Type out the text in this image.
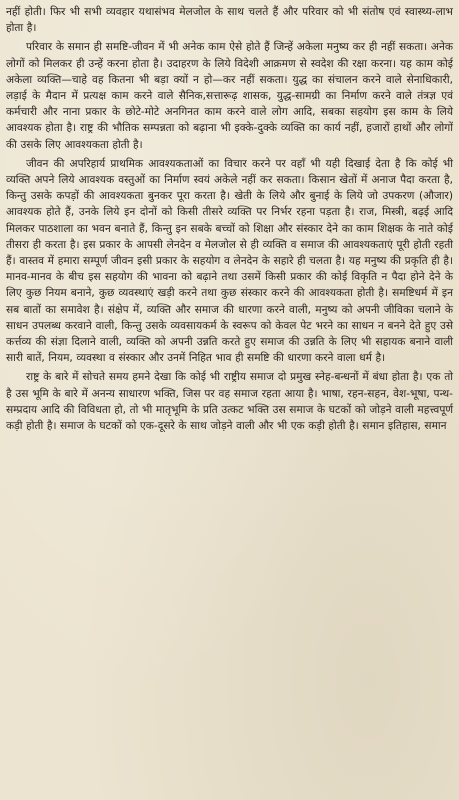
नहीं होती। फिर भी सभी व्यवहार यथासंभव मेलजोल के साथ चलते हैं और परिवार को भी संतोष एवं स्वास्थ्य-लाभ होता है।

परिवार के समान ही समष्टि-जीवन में भी अनेक काम ऐसे होते हैं जिन्हें अकेला मनुष्य कर ही नहीं सकता। अनेक लोगों को मिलकर ही उन्हें करना होता है। उदाहरण के लिये विदेशी आक्रमण से स्वदेश की रक्षा करना। यह काम कोई अकेला व्यक्ति—चाहे वह कितना भी बड़ा क्यों न हो—कर नहीं सकता। युद्ध का संचालन करने वाले सेनाधिकारी, लड़ाई के मैदान में प्रत्यक्ष काम करने वाले सैनिक,सत्तारूढ़ शासक, युद्ध-सामग्री का निर्माण करने वाले तंत्रज्ञ एवं कर्मचारी और नाना प्रकार के छोटे-मोटे अनगिनत काम करने वाले लोग आदि, सबका सहयोग इस काम के लिये आवश्यक होता है। राष्ट्र की भौतिक सम्पन्नता को बढ़ाना भी इक्के-दुक्के व्यक्ति का कार्य नहीं, हजारों हाथों और लोगों की उसके लिए आवश्यकता होती है।

जीवन की अपरिहार्य प्राथमिक आवश्यकताओं का विचार करने पर वहाँ भी यही दिखाई देता है कि कोई भी व्यक्ति अपने लिये आवश्यक वस्तुओं का निर्माण स्वयं अकेले नहीं कर सकता। किसान खेतों में अनाज पैदा करता है, किन्तु उसके कपड़ों की आवश्यकता बुनकर पूरा करता है। खेती के लिये और बुनाई के लिये जो उपकरण (औजार) आवश्यक होते हैं, उनके लिये इन दोनों को किसी तीसरे व्यक्ति पर निर्भर रहना पड़ता है। राज, मिस्त्री, बढ़ई आदि मिलकर पाठशाला का भवन बनाते हैं, किन्तु इन सबके बच्चों को शिक्षा और संस्कार देने का काम शिक्षक के नाते कोई तीसरा ही करता है। इस प्रकार के आपसी लेनदेन व मेलजोल से ही व्यक्ति व समाज की आवश्यकताएं पूरी होती रहती हैं। वास्तव में हमारा सम्पूर्ण जीवन इसी प्रकार के सहयोग व लेनदेन के सहारे ही चलता है। यह मनुष्य की प्रकृति ही है। मानव-मानव के बीच इस सहयोग की भावना को बढ़ाने तथा उसमें किसी प्रकार की कोई विकृति न पैदा होने देने के लिए कुछ नियम बनाने, कुछ व्यवस्थाएं खड़ी करने तथा कुछ संस्कार करने की आवश्यकता होती है। समष्टिधर्म में इन सब बातों का समावेश है। संक्षेप में, व्यक्ति और समाज की धारणा करने वाली, मनुष्य को अपनी जीविका चलाने के साधन उपलब्ध करवाने वाली, किन्तु उसके व्यवसायकर्म के स्वरूप को केवल पेट भरने का साधन न बनने देते हुए उसे कर्त्तव्य की संज्ञा दिलाने वाली, व्यक्ति को अपनी उन्नति करते हुए समाज की उन्नति के लिए भी सहायक बनाने वाली सारी बातें, नियम, व्यवस्था व संस्कार और उनमें निहित भाव ही समष्टि की धारणा करने वाला धर्म है।

राष्ट्र के बारे में सोचते समय हमने देखा कि कोई भी राष्ट्रीय समाज दो प्रमुख स्नेह-बन्धनों में बंधा होता है। एक तो है उस भूमि के बारे में अनन्य साधारण भक्ति, जिस पर वह समाज रहता आया है। भाषा, रहन-सहन, वेश-भूषा, पन्थ-सम्प्रदाय आदि की विविधता हो, तो भी मातृभूमि के प्रति उत्कट भक्ति उस समाज के घटकों को जोड़ने वाली महत्त्वपूर्ण कड़ी होती है। समाज के घटकों को एक-दूसरे के साथ जोड़ने वाली और भी एक कड़ी होती है। समान इतिहास, समान
